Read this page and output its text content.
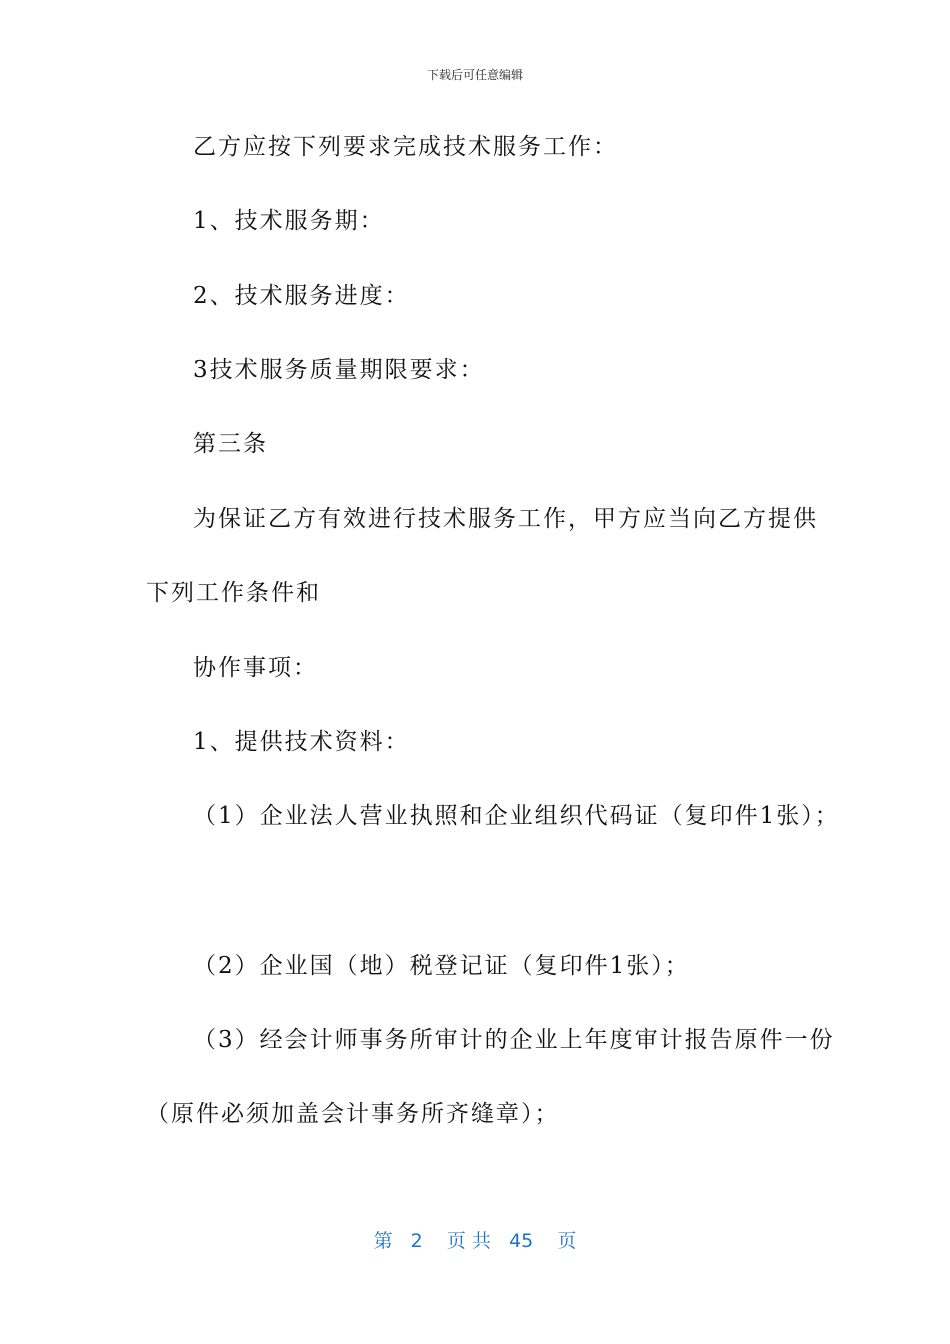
下载后可任意编辑
乙方应按下列要求完成技术服务工作：
1、技术服务期：
2、技术服务进度：
3技术服务质量期限要求：
第三条
为保证乙方有效进行技术服务工作，甲方应当向乙方提供
下列工作条件和
协作事项：
1、提供技术资料：
（1）企业法人营业执照和企业组织代码证（复印件1张）；
（2）企业国（地）税登记证（复印件1张）；
（3）经会计师事务所审计的企业上年度审计报告原件一份
（原件必须加盖会计事务所齐缝章）；
第   2    页 共   45    页
